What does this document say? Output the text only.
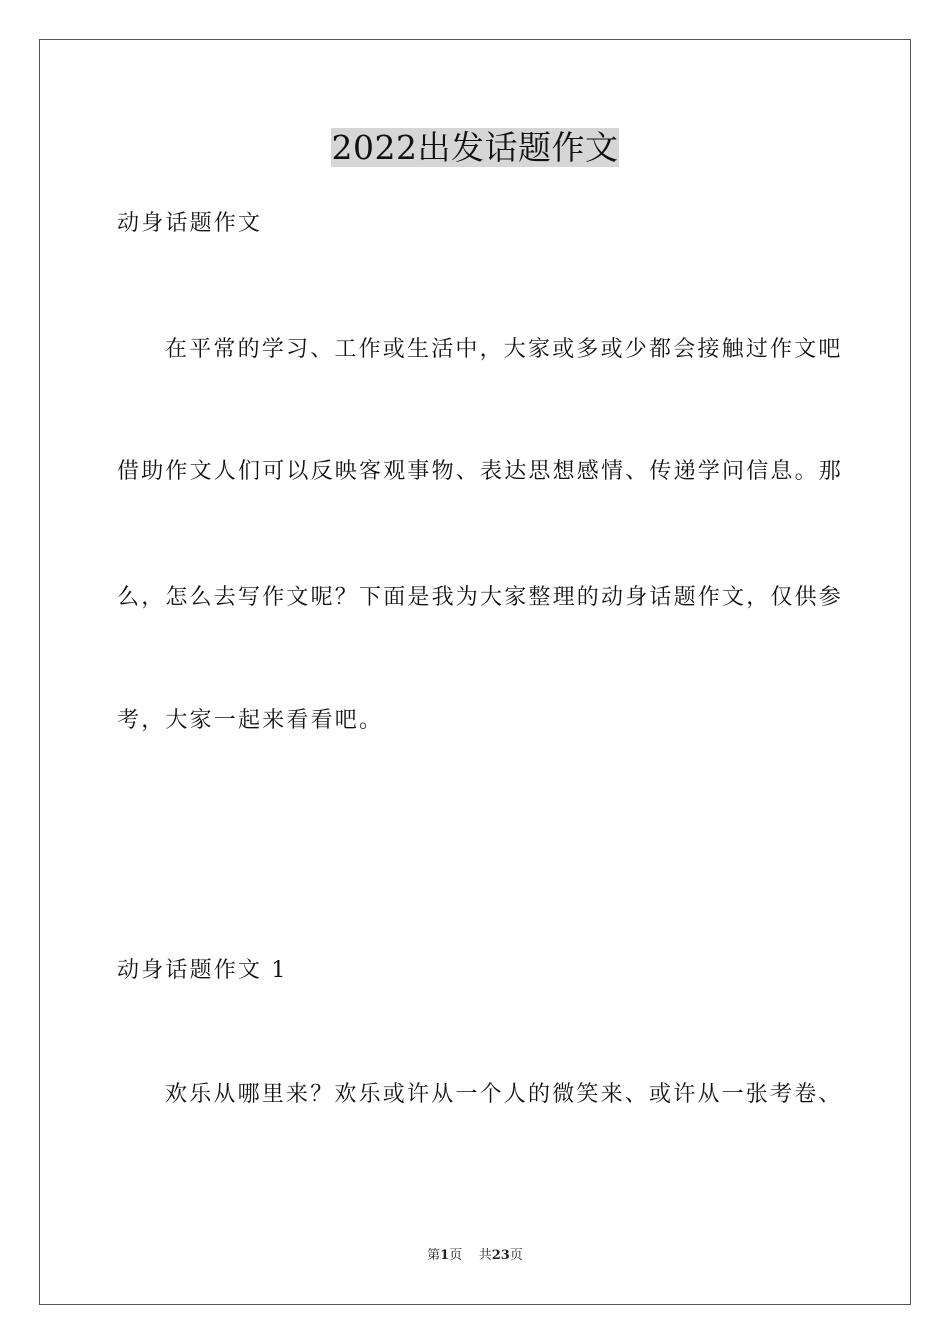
2022出发话题作文

动身话题作文

在平常的学习、工作或生活中，大家或多或少都会接触过作文吧

借助作文人们可以反映客观事物、表达思想感情、传递学问信息。那

么，怎么去写作文呢？下面是我为大家整理的动身话题作文，仅供参

考，大家一起来看看吧。

动身话题作文 1

欢乐从哪里来？欢乐或许从一个人的微笑来、或许从一张考卷、

第1页 共23页
